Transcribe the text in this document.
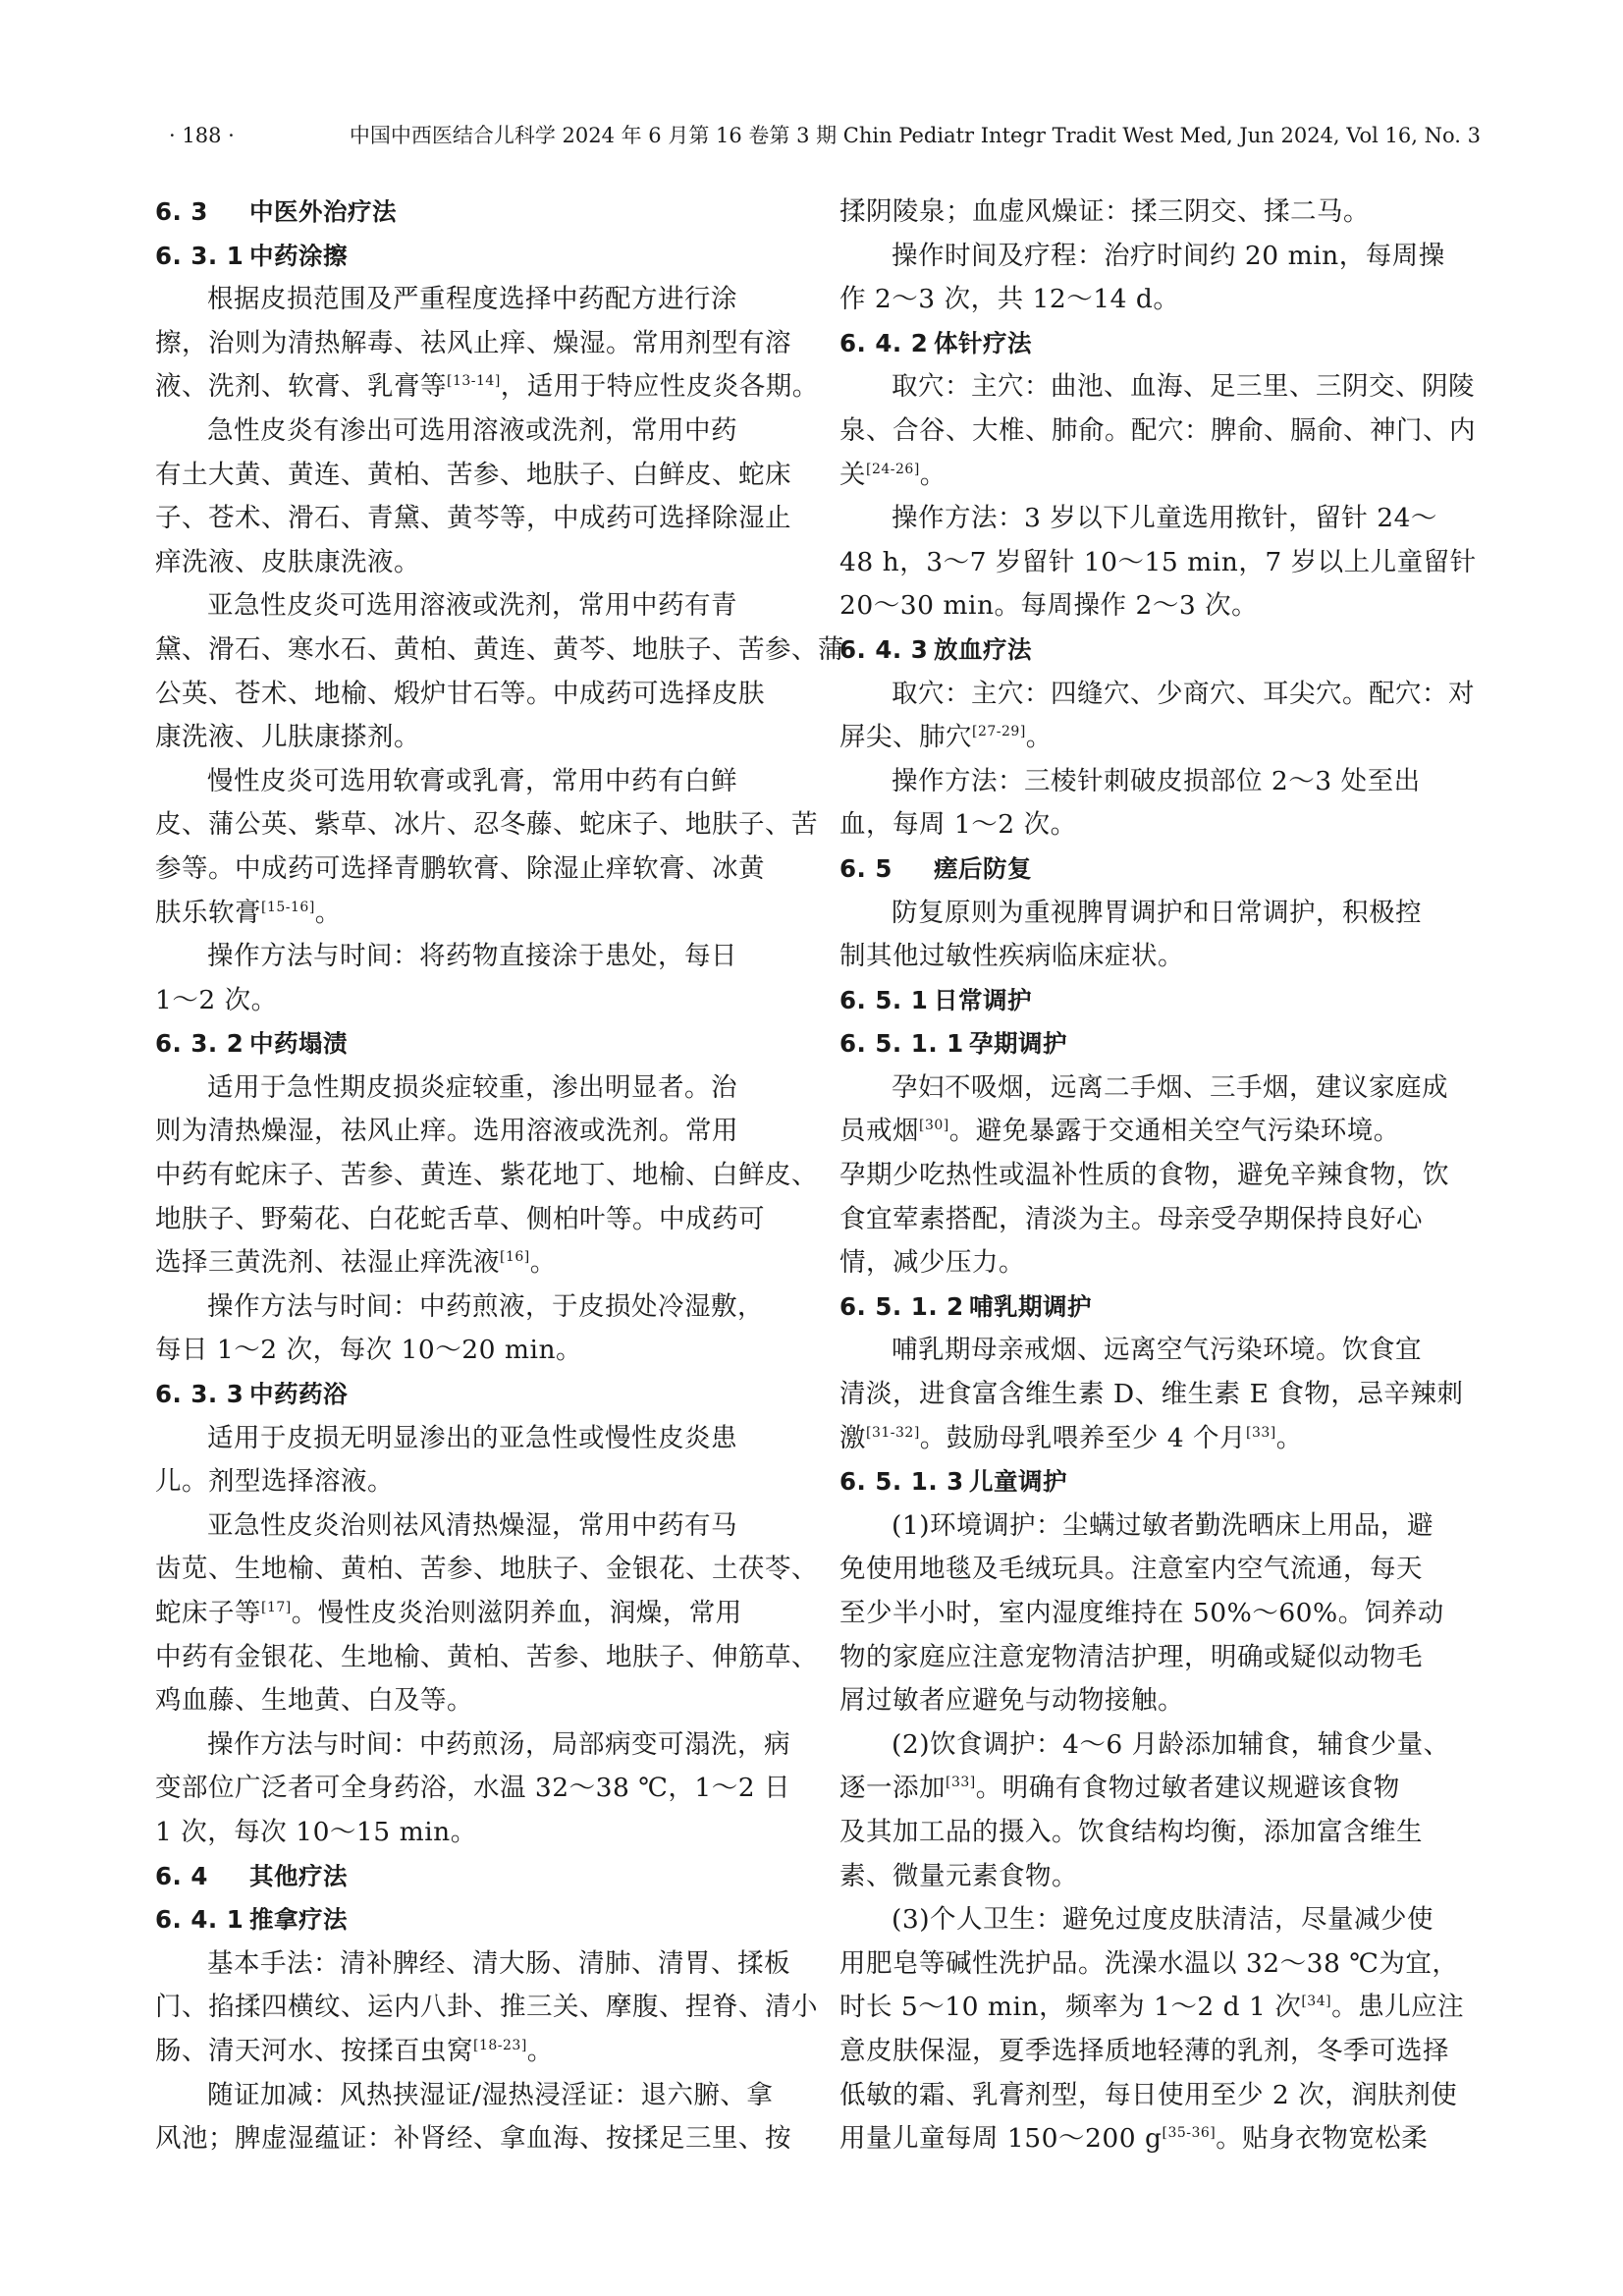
· 188 ·	中国中西医结合儿科学 2024 年 6 月第 16 卷第 3 期 Chin Pediatr Integr Tradit West Med, Jun 2024, Vol 16, No. 3
6. 3 中医外治疗法
6. 3. 1 中药涂擦
根据皮损范围及严重程度选择中药配方进行涂
擦，治则为清热解毒、祛风止痒、燥湿。常用剂型有溶
液、洗剂、软膏、乳膏等[13-14]，适用于特应性皮炎各期。
急性皮炎有渗出可选用溶液或洗剂，常用中药
有土大黄、黄连、黄柏、苦参、地肤子、白鲜皮、蛇床
子、苍术、滑石、青黛、黄芩等，中成药可选择除湿止
痒洗液、皮肤康洗液。
亚急性皮炎可选用溶液或洗剂，常用中药有青
黛、滑石、寒水石、黄柏、黄连、黄芩、地肤子、苦参、蒲
公英、苍术、地榆、煅炉甘石等。中成药可选择皮肤
康洗液、儿肤康搽剂。
慢性皮炎可选用软膏或乳膏，常用中药有白鲜
皮、蒲公英、紫草、冰片、忍冬藤、蛇床子、地肤子、苦
参等。中成药可选择青鹏软膏、除湿止痒软膏、冰黄
肤乐软膏[15-16]。
操作方法与时间：将药物直接涂于患处，每日
1～2 次。
6. 3. 2 中药塌渍
适用于急性期皮损炎症较重，渗出明显者。治
则为清热燥湿，祛风止痒。选用溶液或洗剂。常用
中药有蛇床子、苦参、黄连、紫花地丁、地榆、白鲜皮、
地肤子、野菊花、白花蛇舌草、侧柏叶等。中成药可
选择三黄洗剂、祛湿止痒洗液[16]。
操作方法与时间：中药煎液，于皮损处冷湿敷，
每日 1～2 次，每次 10～20 min。
6. 3. 3 中药药浴
适用于皮损无明显渗出的亚急性或慢性皮炎患
儿。剂型选择溶液。
亚急性皮炎治则祛风清热燥湿，常用中药有马
齿苋、生地榆、黄柏、苦参、地肤子、金银花、土茯苓、
蛇床子等[17]。慢性皮炎治则滋阴养血，润燥，常用
中药有金银花、生地榆、黄柏、苦参、地肤子、伸筋草、
鸡血藤、生地黄、白及等。
操作方法与时间：中药煎汤，局部病变可溻洗，病
变部位广泛者可全身药浴，水温 32～38 ℃，1～2 日
1 次，每次 10～15 min。
6. 4 其他疗法
6. 4. 1 推拿疗法
基本手法：清补脾经、清大肠、清肺、清胃、揉板
门、掐揉四横纹、运内八卦、推三关、摩腹、捏脊、清小
肠、清天河水、按揉百虫窝[18-23]。
随证加减：风热挟湿证/湿热浸淫证：退六腑、拿
风池；脾虚湿蕴证：补肾经、拿血海、按揉足三里、按
揉阴陵泉；血虚风燥证：揉三阴交、揉二马。
操作时间及疗程：治疗时间约 20 min，每周操
作 2～3 次，共 12～14 d。
6. 4. 2 体针疗法
取穴：主穴：曲池、血海、足三里、三阴交、阴陵
泉、合谷、大椎、肺俞。配穴：脾俞、膈俞、神门、内
关[24-26]。
操作方法：3 岁以下儿童选用揿针，留针 24～
48 h，3～7 岁留针 10～15 min，7 岁以上儿童留针
20～30 min。每周操作 2～3 次。
6. 4. 3 放血疗法
取穴：主穴：四缝穴、少商穴、耳尖穴。配穴：对
屏尖、肺穴[27-29]。
操作方法：三棱针刺破皮损部位 2～3 处至出
血，每周 1～2 次。
6. 5 瘥后防复
防复原则为重视脾胃调护和日常调护，积极控
制其他过敏性疾病临床症状。
6. 5. 1 日常调护
6. 5. 1. 1 孕期调护
孕妇不吸烟，远离二手烟、三手烟，建议家庭成
员戒烟[30]。避免暴露于交通相关空气污染环境。
孕期少吃热性或温补性质的食物，避免辛辣食物，饮
食宜荤素搭配，清淡为主。母亲受孕期保持良好心
情，减少压力。
6. 5. 1. 2 哺乳期调护
哺乳期母亲戒烟、远离空气污染环境。饮食宜
清淡，进食富含维生素 D、维生素 E 食物，忌辛辣刺
激[31-32]。鼓励母乳喂养至少 4 个月[33]。
6. 5. 1. 3 儿童调护
(1)环境调护：尘螨过敏者勤洗晒床上用品，避
免使用地毯及毛绒玩具。注意室内空气流通，每天
至少半小时，室内湿度维持在 50%～60%。饲养动
物的家庭应注意宠物清洁护理，明确或疑似动物毛
屑过敏者应避免与动物接触。
(2)饮食调护：4～6 月龄添加辅食，辅食少量、
逐一添加[33]。明确有食物过敏者建议规避该食物
及其加工品的摄入。饮食结构均衡，添加富含维生
素、微量元素食物。
(3)个人卫生：避免过度皮肤清洁，尽量减少使
用肥皂等碱性洗护品。洗澡水温以 32～38 ℃为宜，
时长 5～10 min，频率为 1～2 d 1 次[34]。患儿应注
意皮肤保湿，夏季选择质地轻薄的乳剂，冬季可选择
低敏的霜、乳膏剂型，每日使用至少 2 次，润肤剂使
用量儿童每周 150～200 g[35-36]。贴身衣物宽松柔
